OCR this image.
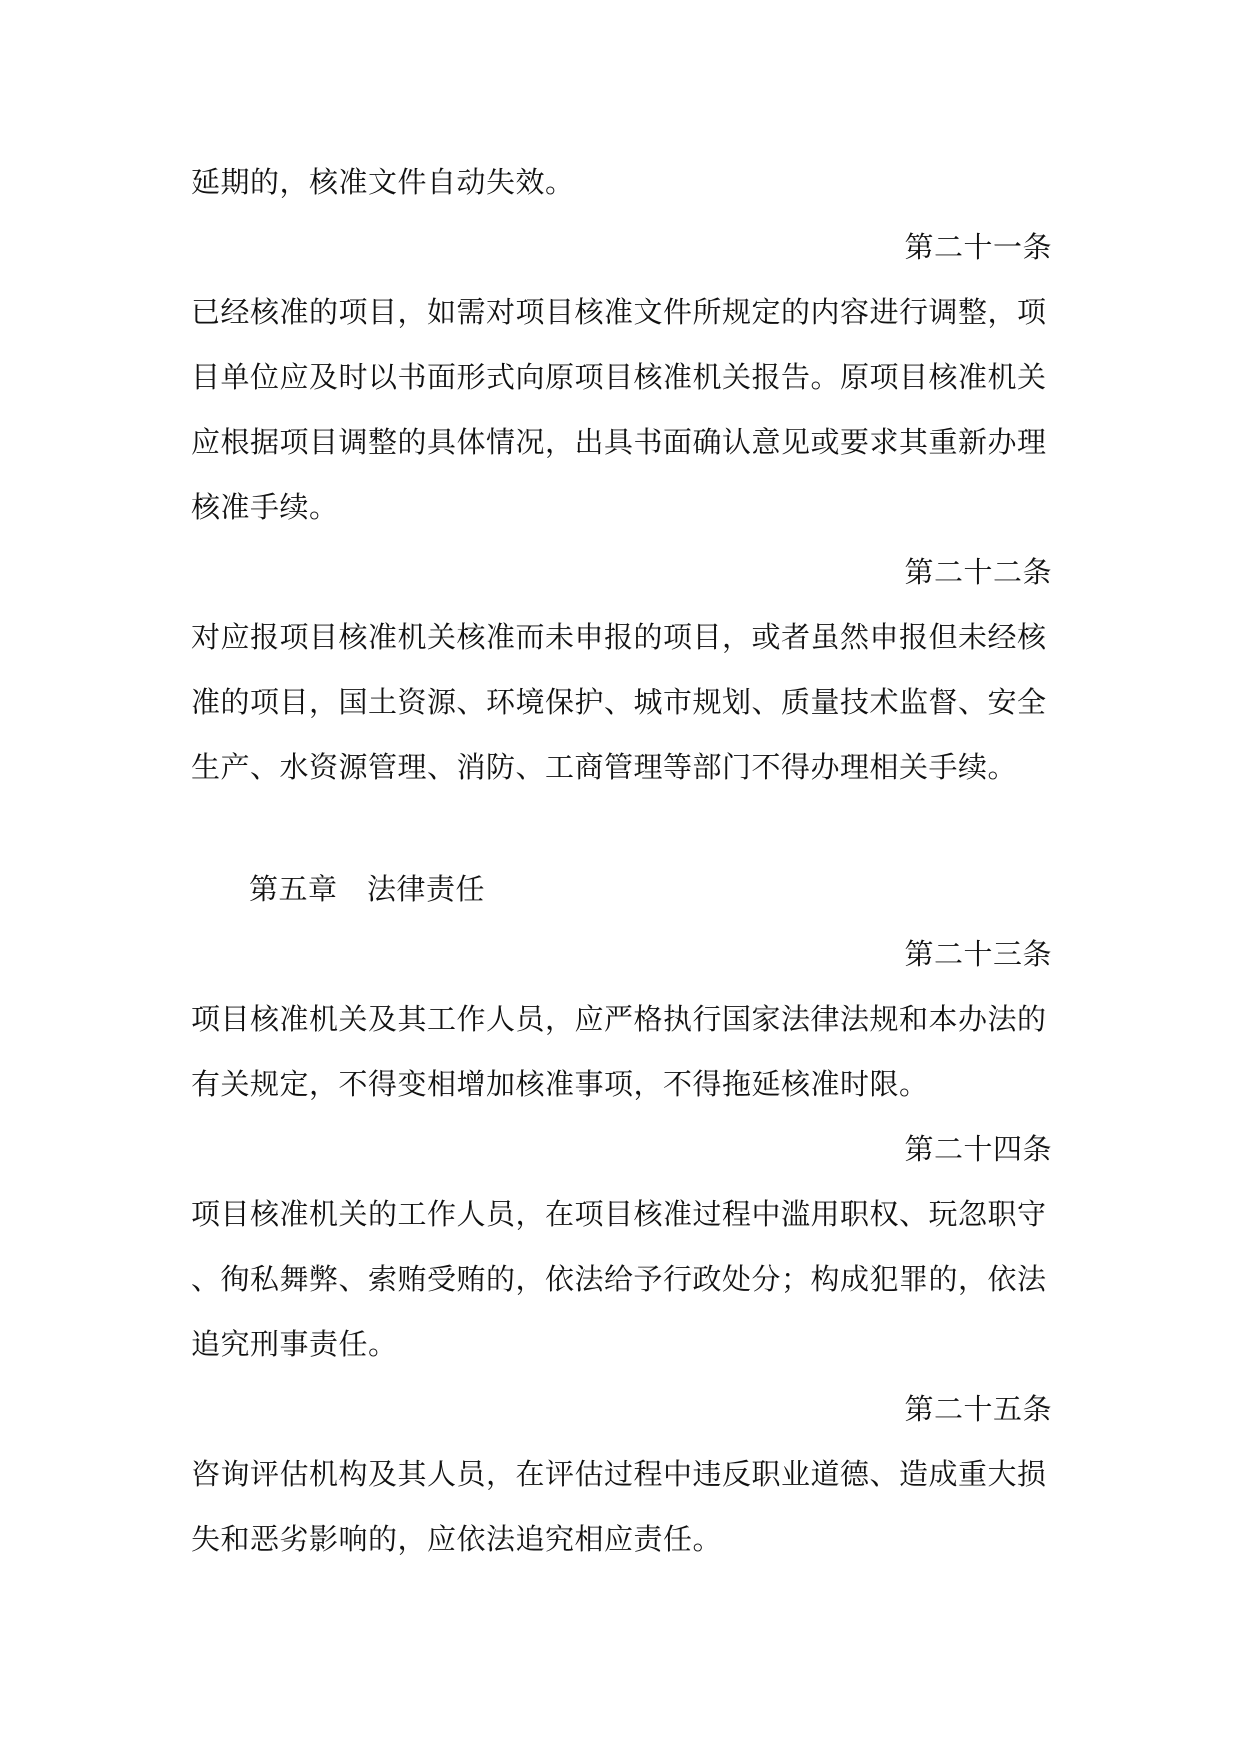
延期的，核准文件自动失效。
第二十一条
已经核准的项目，如需对项目核准文件所规定的内容进行调整，项
目单位应及时以书面形式向原项目核准机关报告。原项目核准机关
应根据项目调整的具体情况，出具书面确认意见或要求其重新办理
核准手续。
第二十二条
对应报项目核准机关核准而未申报的项目，或者虽然申报但未经核
准的项目，国土资源、环境保护、城市规划、质量技术监督、安全
生产、水资源管理、消防、工商管理等部门不得办理相关手续。
第五章　法律责任
第二十三条
项目核准机关及其工作人员，应严格执行国家法律法规和本办法的
有关规定，不得变相增加核准事项，不得拖延核准时限。
第二十四条
项目核准机关的工作人员，在项目核准过程中滥用职权、玩忽职守
、徇私舞弊、索贿受贿的，依法给予行政处分；构成犯罪的，依法
追究刑事责任。
第二十五条
咨询评估机构及其人员，在评估过程中违反职业道德、造成重大损
失和恶劣影响的，应依法追究相应责任。
